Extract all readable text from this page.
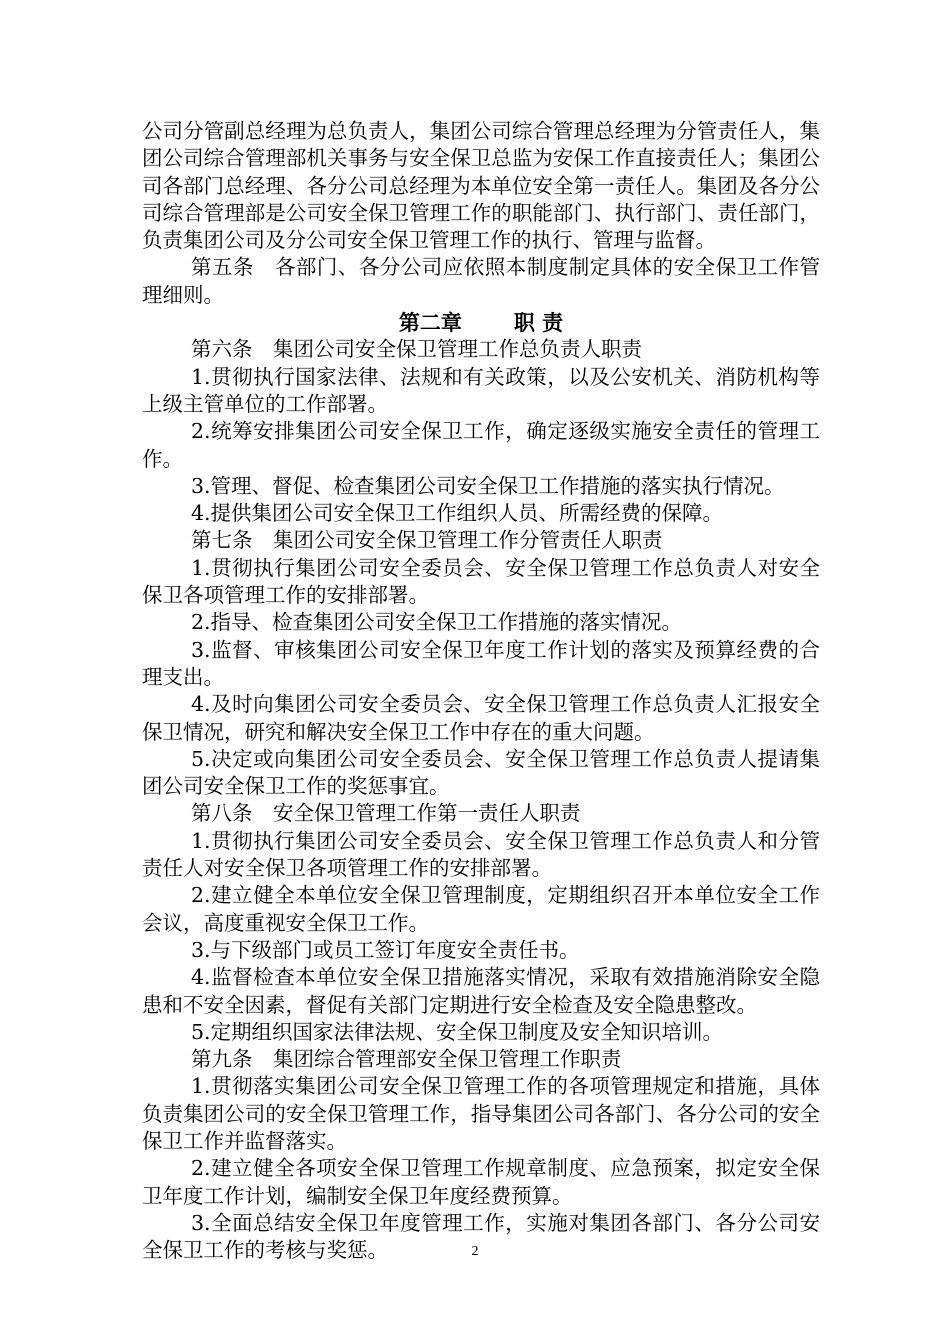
公司分管副总经理为总负责人，集团公司综合管理总经理为分管责任人，集团公司综合管理部机关事务与安全保卫总监为安保工作直接责任人；集团公司各部门总经理、各分公司总经理为本单位安全第一责任人。集团及各分公司综合管理部是公司安全保卫管理工作的职能部门、执行部门、责任部门，负责集团公司及分公司安全保卫管理工作的执行、管理与监督。

第五条　各部门、各分公司应依照本制度制定具体的安全保卫工作管理细则。

第二章 职 责

第六条　集团公司安全保卫管理工作总负责人职责

1.贯彻执行国家法律、法规和有关政策，以及公安机关、消防机构等上级主管单位的工作部署。

2.统筹安排集团公司安全保卫工作，确定逐级实施安全责任的管理工作。

3.管理、督促、检查集团公司安全保卫工作措施的落实执行情况。

4.提供集团公司安全保卫工作组织人员、所需经费的保障。

第七条　集团公司安全保卫管理工作分管责任人职责

1.贯彻执行集团公司安全委员会、安全保卫管理工作总负责人对安全保卫各项管理工作的安排部署。

2.指导、检查集团公司安全保卫工作措施的落实情况。

3.监督、审核集团公司安全保卫年度工作计划的落实及预算经费的合理支出。

4.及时向集团公司安全委员会、安全保卫管理工作总负责人汇报安全保卫情况，研究和解决安全保卫工作中存在的重大问题。

5.决定或向集团公司安全委员会、安全保卫管理工作总负责人提请集团公司安全保卫工作的奖惩事宜。

第八条　安全保卫管理工作第一责任人职责

1.贯彻执行集团公司安全委员会、安全保卫管理工作总负责人和分管责任人对安全保卫各项管理工作的安排部署。

2.建立健全本单位安全保卫管理制度，定期组织召开本单位安全工作会议，高度重视安全保卫工作。

3.与下级部门或员工签订年度安全责任书。

4.监督检查本单位安全保卫措施落实情况，采取有效措施消除安全隐患和不安全因素，督促有关部门定期进行安全检查及安全隐患整改。

5.定期组织国家法律法规、安全保卫制度及安全知识培训。

第九条　集团综合管理部安全保卫管理工作职责

1.贯彻落实集团公司安全保卫管理工作的各项管理规定和措施，具体负责集团公司的安全保卫管理工作，指导集团公司各部门、各分公司的安全保卫工作并监督落实。

2.建立健全各项安全保卫管理工作规章制度、应急预案，拟定安全保卫年度工作计划，编制安全保卫年度经费预算。

3.全面总结安全保卫年度管理工作，实施对集团各部门、各分公司安全保卫工作的考核与奖惩。	2
